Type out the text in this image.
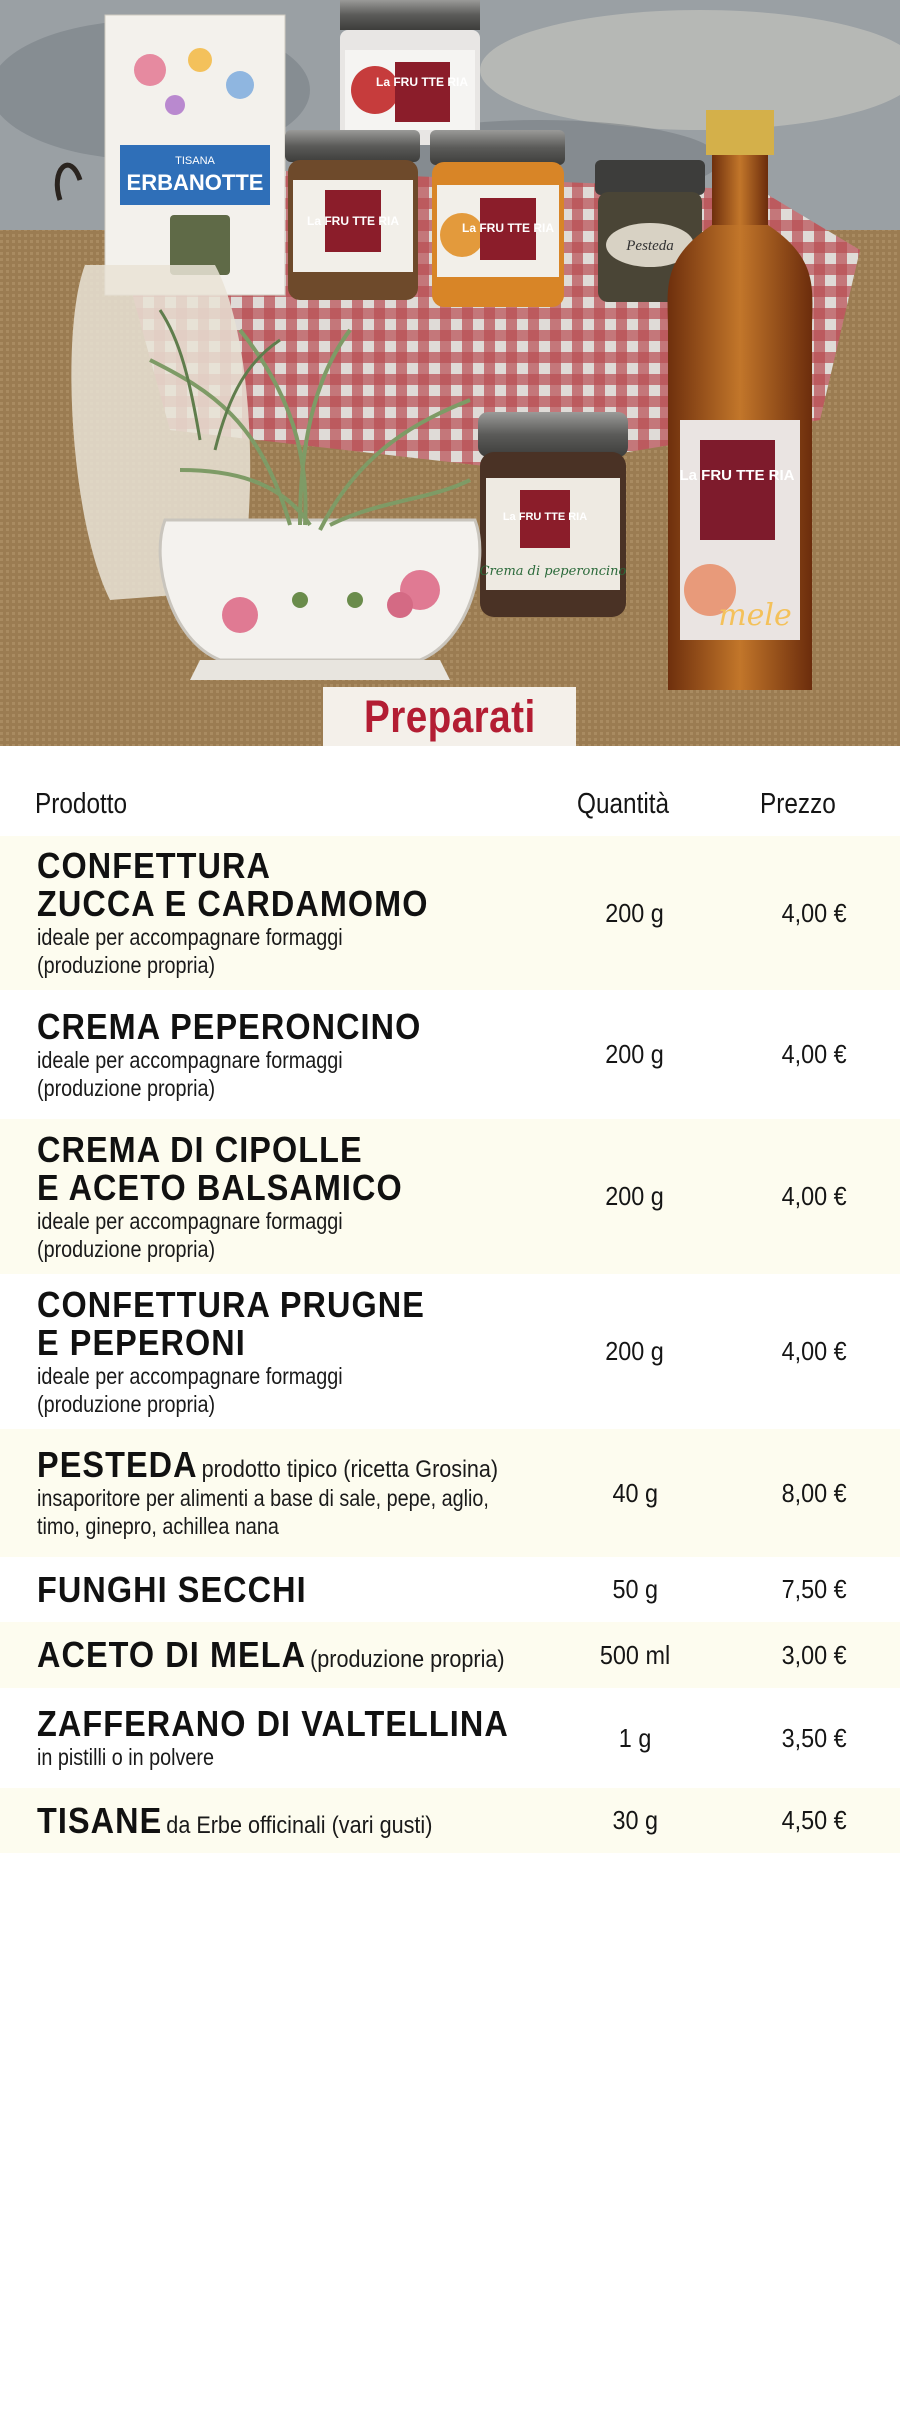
TISANA
ERBANOTTE
La FRU TTE RIA
La FRU TTE RIA	La FRU TTE RIA
Pesteda
La FRU TTE RIA
mele
La FRU TTE RIA
Crema di peperoncino
Preparati
Prodotto	Quantità	Prezzo
CONFETTURA
ZUCCA E CARDAMOMO
ideale per accompagnare formaggi
(produzione propria)
200 g	4,00 €
CREMA PEPERONCINO
ideale per accompagnare formaggi
(produzione propria)
200 g	4,00 €
CREMA DI CIPOLLE
E ACETO BALSAMICO
ideale per accompagnare formaggi
(produzione propria)
200 g	4,00 €
CONFETTURA PRUGNE
E PEPERONI
ideale per accompagnare formaggi
(produzione propria)
200 g	4,00 €
PESTEDA prodotto tipico (ricetta Grosina)
insaporitore per alimenti a base di sale, pepe, aglio,
timo, ginepro, achillea nana
40 g	8,00 €
FUNGHI SECCHI	50 g	7,50 €
ACETO DI MELA (produzione propria)	500 ml	3,00 €
ZAFFERANO DI VALTELLINA
in pistilli o in polvere
1 g	3,50 €
TISANE da Erbe officinali (vari gusti)	30 g	4,50 €
